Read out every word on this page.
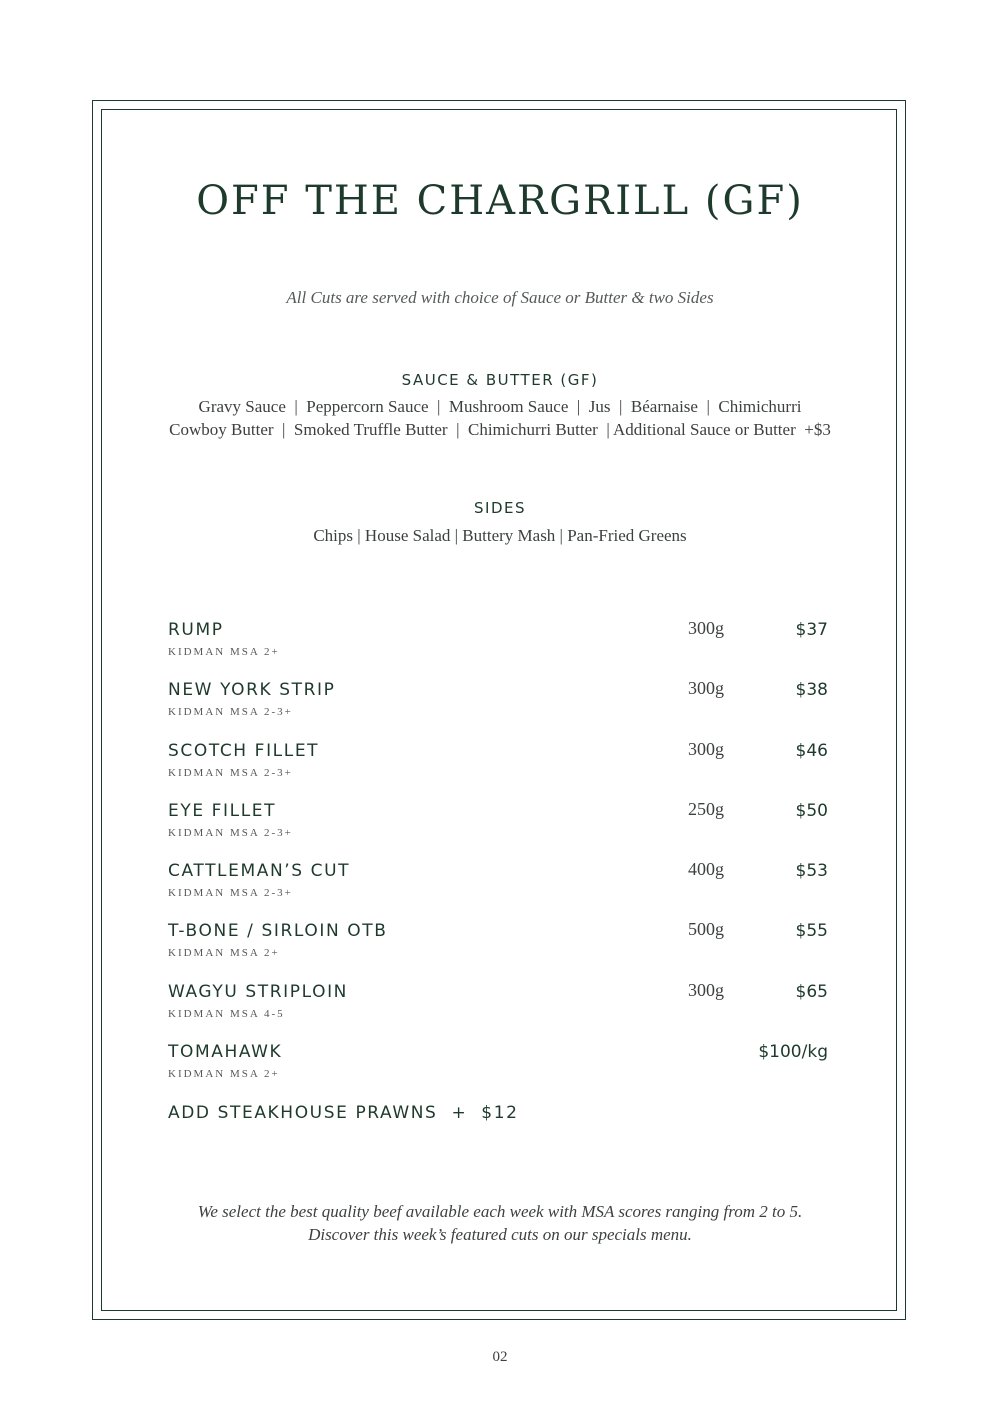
OFF THE CHARGRILL (GF)
All Cuts are served with choice of Sauce or Butter & two Sides
SAUCE & BUTTER (GF)
Gravy Sauce  |  Peppercorn Sauce  |  Mushroom Sauce  |  Jus  |  Béarnaise  |  Chimichurri
Cowboy Butter  |  Smoked Truffle Butter  |  Chimichurri Butter  | Additional Sauce or Butter  +$3
SIDES
Chips | House Salad | Buttery Mash | Pan-Fried Greens
RUMP
KIDMAN MSA 2+
300g	$37
NEW YORK STRIP
KIDMAN MSA 2-3+
300g	$38
SCOTCH FILLET
KIDMAN MSA 2-3+
300g	$46
EYE FILLET
KIDMAN MSA 2-3+
250g	$50
CATTLEMAN’S CUT
KIDMAN MSA 2-3+
400g	$53
T-BONE / SIRLOIN OTB
KIDMAN MSA 2+
500g	$55
WAGYU STRIPLOIN
KIDMAN MSA 4-5
300g	$65
TOMAHAWK
KIDMAN MSA 2+
$100/kg
ADD STEAKHOUSE PRAWNS  +  $12
We select the best quality beef available each week with MSA scores ranging from 2 to 5.
Discover this week’s featured cuts on our specials menu.
02
